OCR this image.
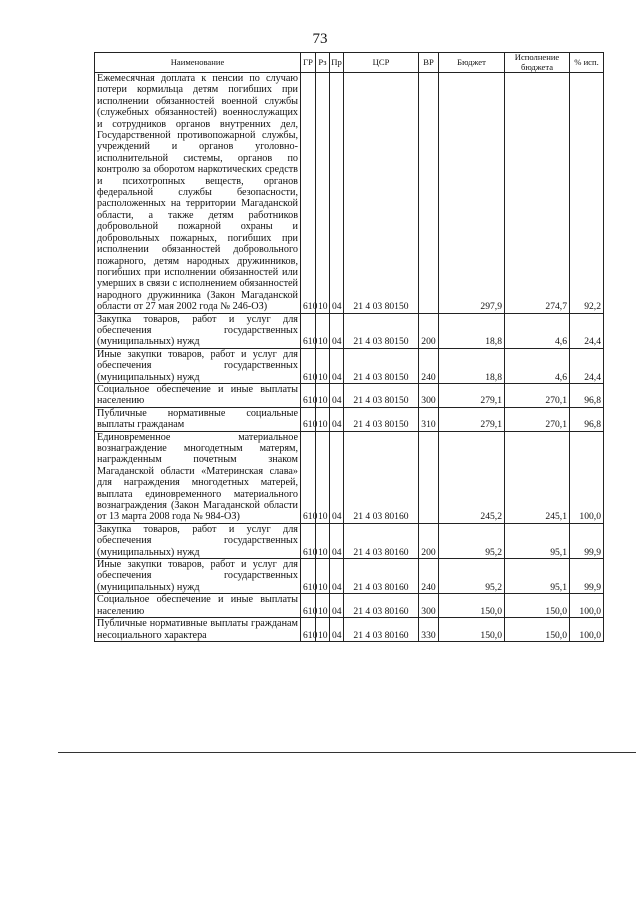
73
Наименование	ГР	Рз	Пр	ЦСР	ВР	Бюджет	Исполнение бюджета	% исп.
Ежемесячная доплата к пенсии по случаю потери кормильца детям погибших при исполнении обязанностей военной службы (служебных обязанностей) военнослужащих и сотрудников органов внутренних дел, Государственной противопожарной службы, учреждений и органов уголовно-исполнительной системы, органов по контролю за оборотом наркотических средств и психотропных веществ, органов федеральной службы безопасности, расположенных на территории Магаданской области, а также детям работников добровольной пожарной охраны и добровольных пожарных, погибших при исполнении обязанностей добровольного пожарного, детям народных дружинников, погибших при исполнении обязанностей или умерших в связи с исполнением обязанностей народного дружинника (Закон Магаданской области от 27 мая 2002 года № 246-ОЗ)	610	10	04	21 4 03 80150		297,9	274,7	92,2
Закупка товаров, работ и услуг для обеспечения государственных (муниципальных) нужд	610	10	04	21 4 03 80150	200	18,8	4,6	24,4
Иные закупки товаров, работ и услуг для обеспечения государственных (муниципальных) нужд	610	10	04	21 4 03 80150	240	18,8	4,6	24,4
Социальное обеспечение и иные выплаты населению	610	10	04	21 4 03 80150	300	279,1	270,1	96,8
Публичные нормативные социальные выплаты гражданам	610	10	04	21 4 03 80150	310	279,1	270,1	96,8
Единовременное материальное вознаграждение многодетным матерям, награжденным почетным знаком Магаданской области «Материнская слава» для награждения многодетных матерей, выплата единовременного материального вознаграждения (Закон Магаданской области от 13 марта 2008 года № 984-ОЗ)	610	10	04	21 4 03 80160		245,2	245,1	100,0
Закупка товаров, работ и услуг для обеспечения государственных (муниципальных) нужд	610	10	04	21 4 03 80160	200	95,2	95,1	99,9
Иные закупки товаров, работ и услуг для обеспечения государственных (муниципальных) нужд	610	10	04	21 4 03 80160	240	95,2	95,1	99,9
Социальное обеспечение и иные выплаты населению	610	10	04	21 4 03 80160	300	150,0	150,0	100,0
Публичные нормативные выплаты гражданам несоциального характера	610	10	04	21 4 03 80160	330	150,0	150,0	100,0
